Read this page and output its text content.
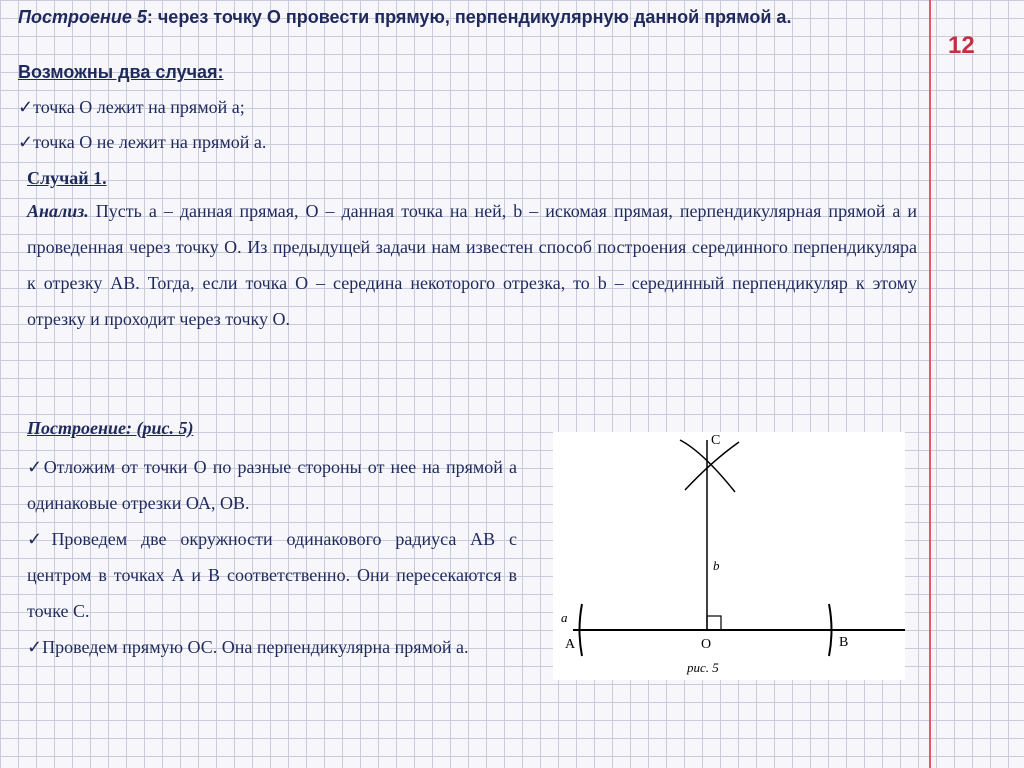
12
Построение 5: через точку О провести прямую, перпендикулярную данной прямой а.
Возможны два случая:
✓точка О лежит на прямой а;
✓точка О не лежит на прямой а.
Случай 1.
Анализ. Пусть а – данная прямая, О – данная точка на ней, b – искомая прямая, перпендикулярная прямой а и проведенная через точку О. Из предыдущей задачи нам известен способ построения серединного перпендикуляра к отрезку АВ. Тогда, если точка О – середина некоторого отрезка, то b – серединный перпендикуляр к этому отрезку и проходит через точку О.
Построение: (рис. 5)

✓Отложим от точки О по разные стороны от нее на прямой а одинаковые отрезки ОА, ОВ.

✓Проведем две окружности одинакового радиуса АВ с центром в точках А и В соответственно. Они пересекаются в точке С.

✓Проведем прямую ОС. Она перпендикулярна прямой а.

C
b
a
A	O	B
рис. 5
